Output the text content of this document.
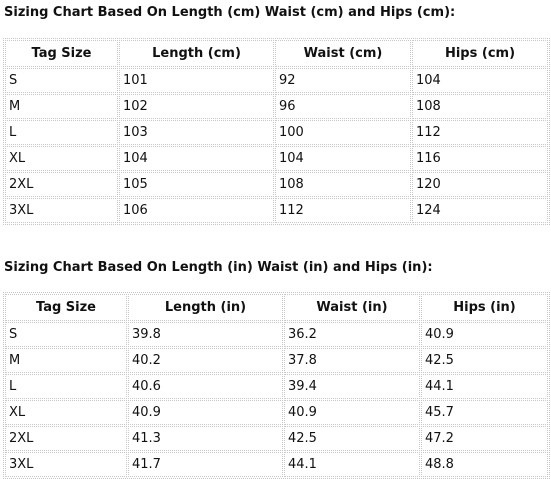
Sizing Chart Based On Length (cm) Waist (cm) and Hips (cm):

Tag Size	Length (cm)	Waist (cm)	Hips (cm)
S	101	92	104
M	102	96	108
L	103	100	112
XL	104	104	116
2XL	105	108	120
3XL	106	112	124

Sizing Chart Based On Length (in) Waist (in) and Hips (in):

Tag Size	Length (in)	Waist (in)	Hips (in)
S	39.8	36.2	40.9
M	40.2	37.8	42.5
L	40.6	39.4	44.1
XL	40.9	40.9	45.7
2XL	41.3	42.5	47.2
3XL	41.7	44.1	48.8
